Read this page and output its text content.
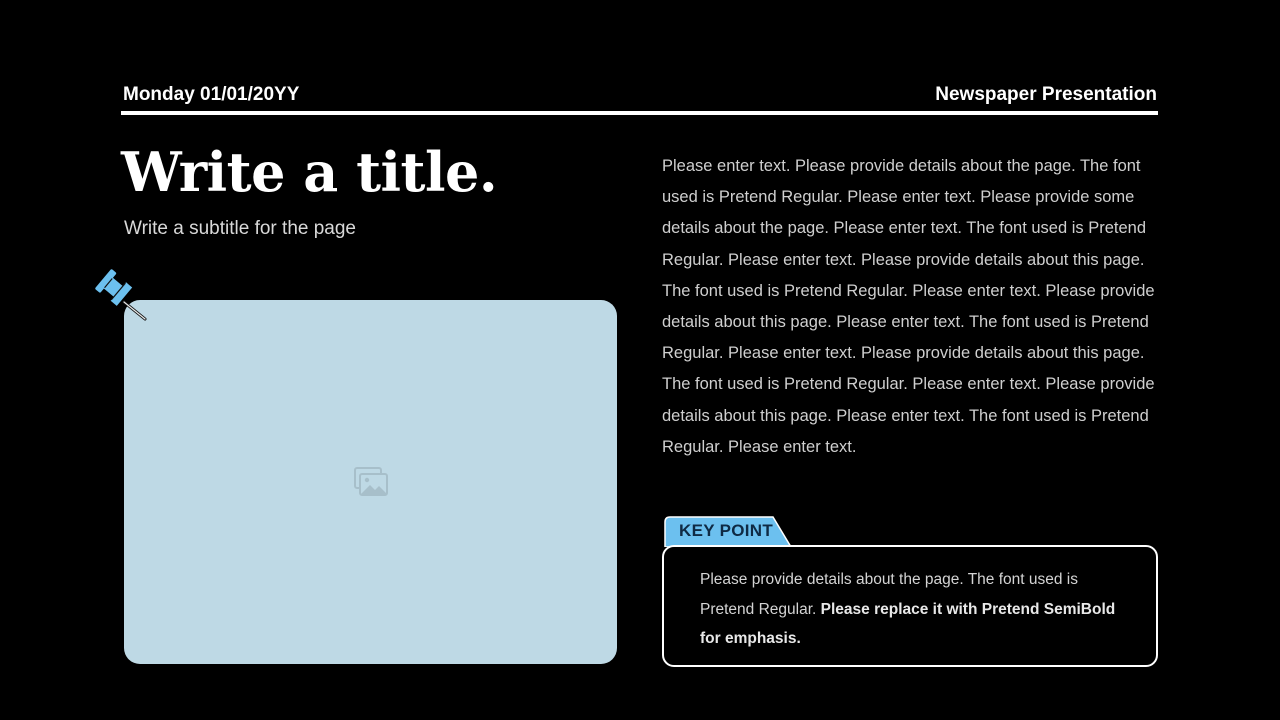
Monday 01/01/20YY	Newspaper Presentation
Write a title.
Write a subtitle for the page
Please enter text. Please provide details about the page. The font used is Pretend Regular. Please enter text. Please provide some details about the page. Please enter text. The font used is Pretend Regular. Please enter text. Please provide details about this page. The font used is Pretend Regular. Please enter text. Please provide details about this page. Please enter text. The font used is Pretend Regular. Please enter text. Please provide details about this page. The font used is Pretend Regular. Please enter text. Please provide details about this page. Please enter text. The font used is Pretend Regular. Please enter text.
KEY POINT
Please provide details about the page. The font used is Pretend Regular. Please replace it with Pretend SemiBold for emphasis.
